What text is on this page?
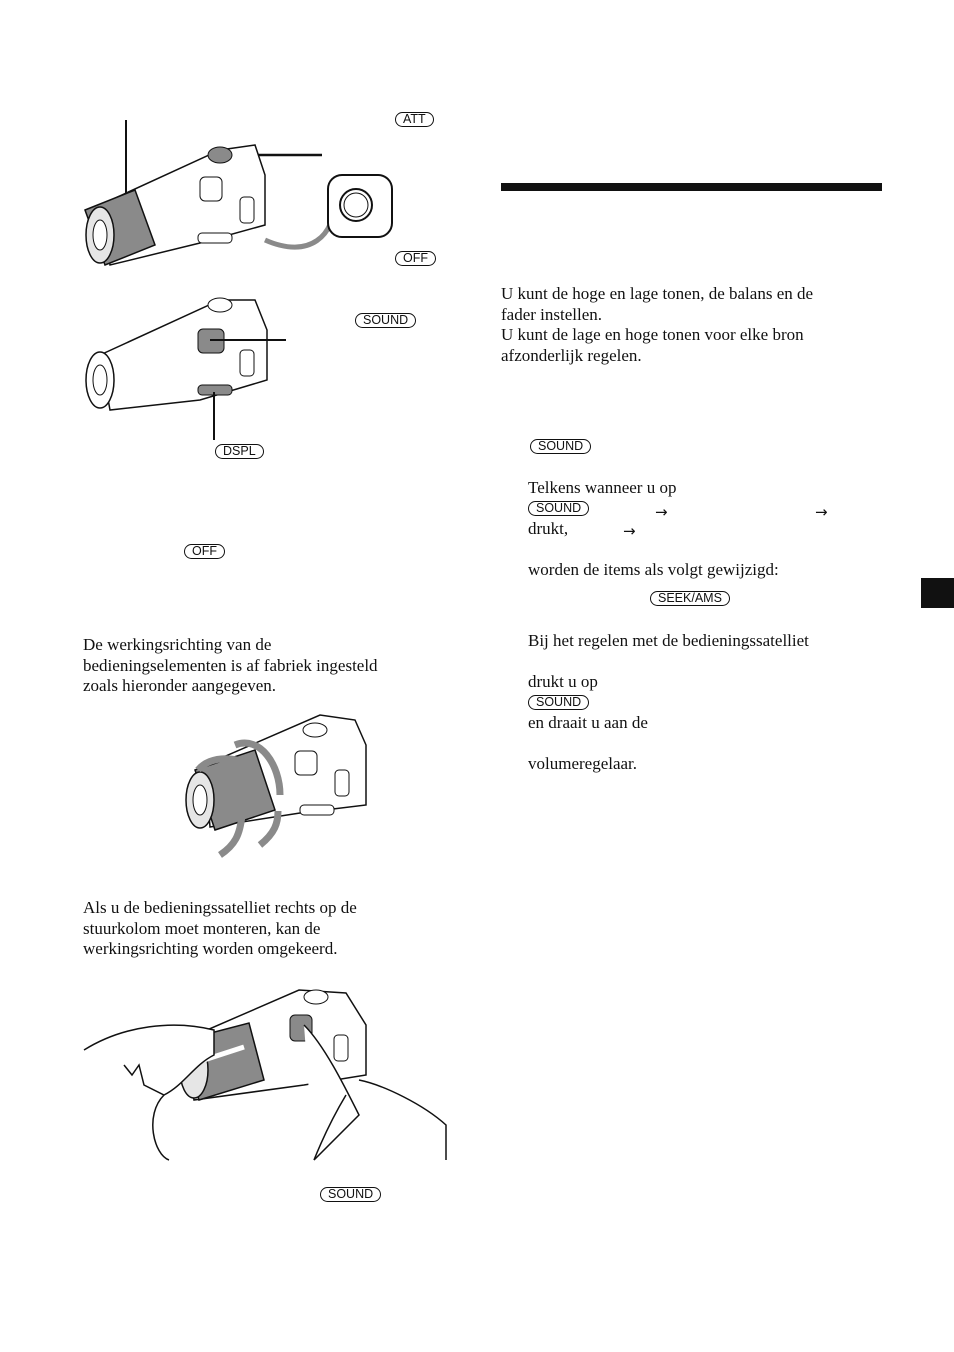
ATT
OFF
SOUND
DSPL
OFF
De werkingsrichting van de
bedieningselementen is af fabriek ingesteld
zoals hieronder aangegeven.
Als u de bedieningssatelliet rechts op de
stuurkolom moet monteren, kan de
werkingsrichting worden omgekeerd.
SOUND
U kunt de hoge en lage tonen, de balans en de
fader instellen.
U kunt de lage en hoge tonen voor elke bron
afzonderlijk regelen.
SOUND

Telkens wanneer u op
SOUND
drukt,

worden de items als volgt gewijzigd:

→	→
→
SEEK/AMS

Bij het regelen met de bedieningssatelliet

drukt u op
SOUND
en draait u aan de

volumeregelaar.
